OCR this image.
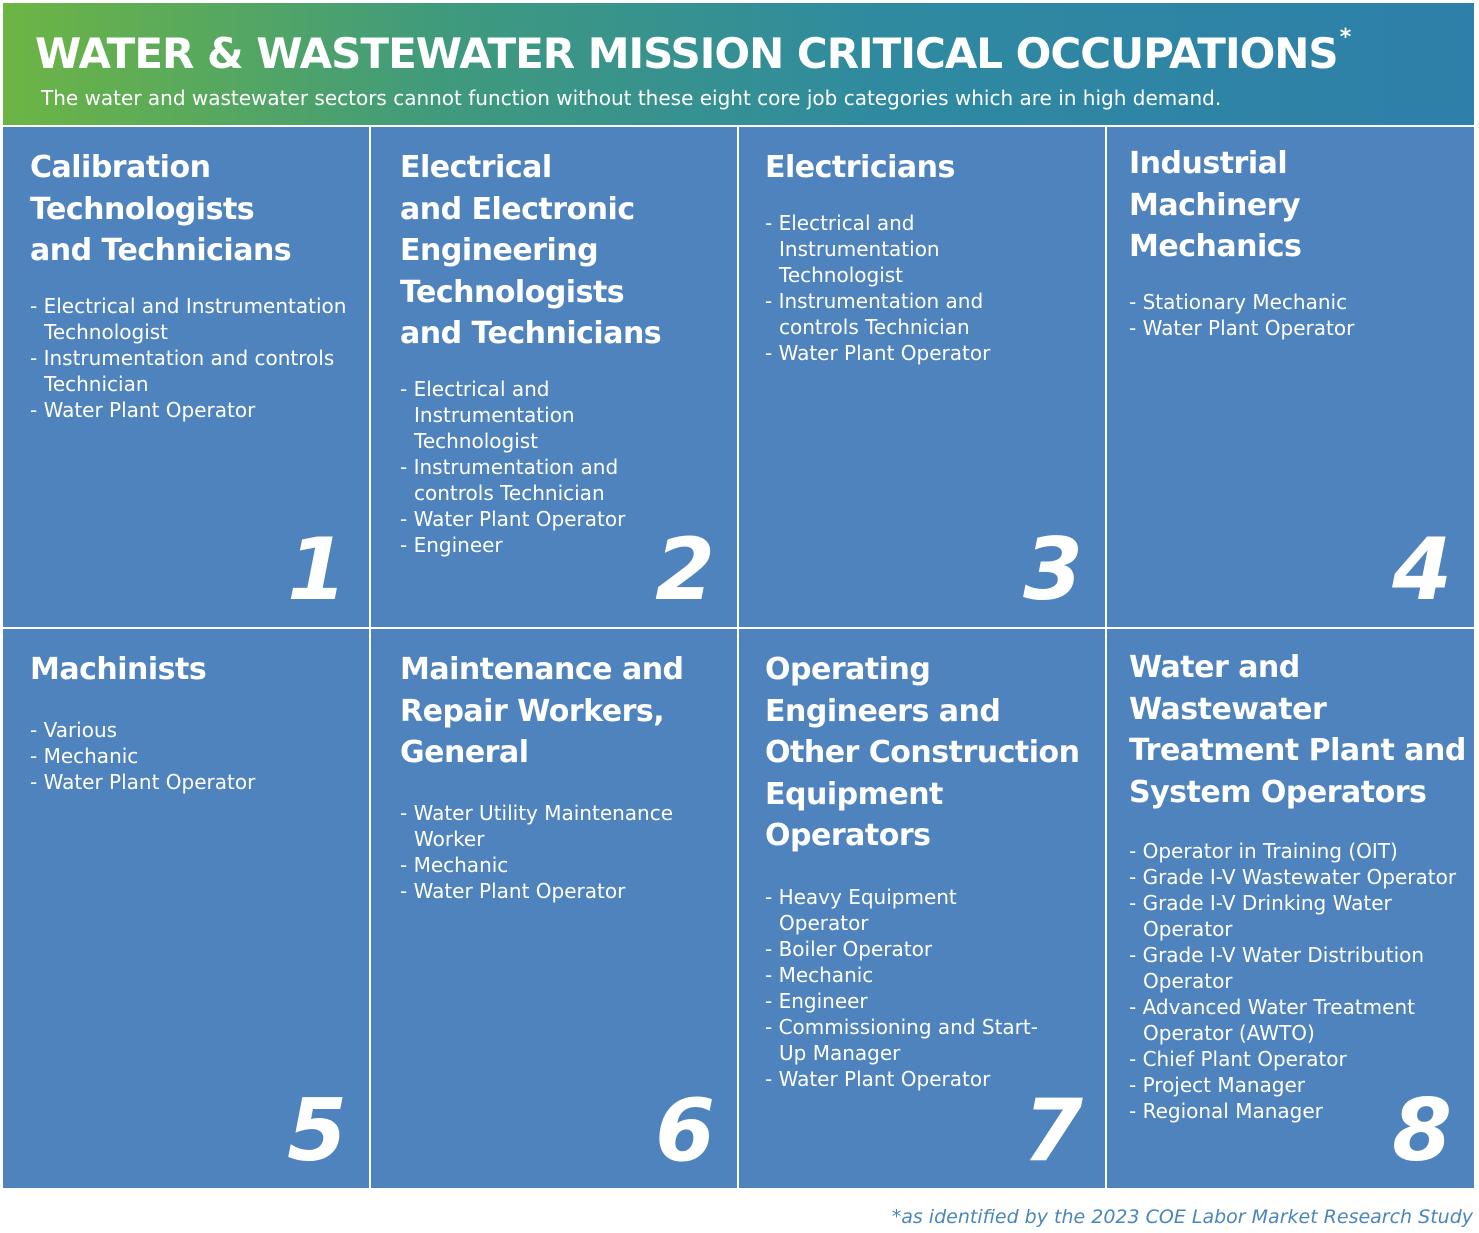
WATER & WASTEWATER MISSION CRITICAL OCCUPATIONS*
The water and wastewater sectors cannot function without these eight core job categories which are in high demand.
Calibration
Technologists
and Technicians
- Electrical and Instrumentation Technologist
- Instrumentation and controls Technician
- Water Plant Operator
1
Electrical
and Electronic
Engineering
Technologists
and Technicians
- Electrical and Instrumentation Technologist
- Instrumentation and controls Technician
- Water Plant Operator
- Engineer	2
Electricians
- Electrical and Instrumentation Technologist
- Instrumentation and controls Technician
- Water Plant Operator
3
Industrial
Machinery
Mechanics
- Stationary Mechanic
- Water Plant Operator
4
Machinists
- Various
- Mechanic
- Water Plant Operator
5
Maintenance and
Repair Workers,
General
- Water Utility Maintenance Worker
- Mechanic
- Water Plant Operator
6
Operating
Engineers and
Other Construction
Equipment
Operators
- Heavy Equipment Operator
- Boiler Operator
- Mechanic
- Engineer
- Commissioning and Start-Up Manager
- Water Plant Operator
7
Water and
Wastewater
Treatment Plant and
System Operators
- Operator in Training (OIT)
- Grade I-V Wastewater Operator
- Grade I-V Drinking Water Operator
- Grade I-V Water Distribution Operator
- Advanced Water Treatment Operator (AWTO)
- Chief Plant Operator
- Project Manager
- Regional Manager 8
*as identified by the 2023 COE Labor Market Research Study
